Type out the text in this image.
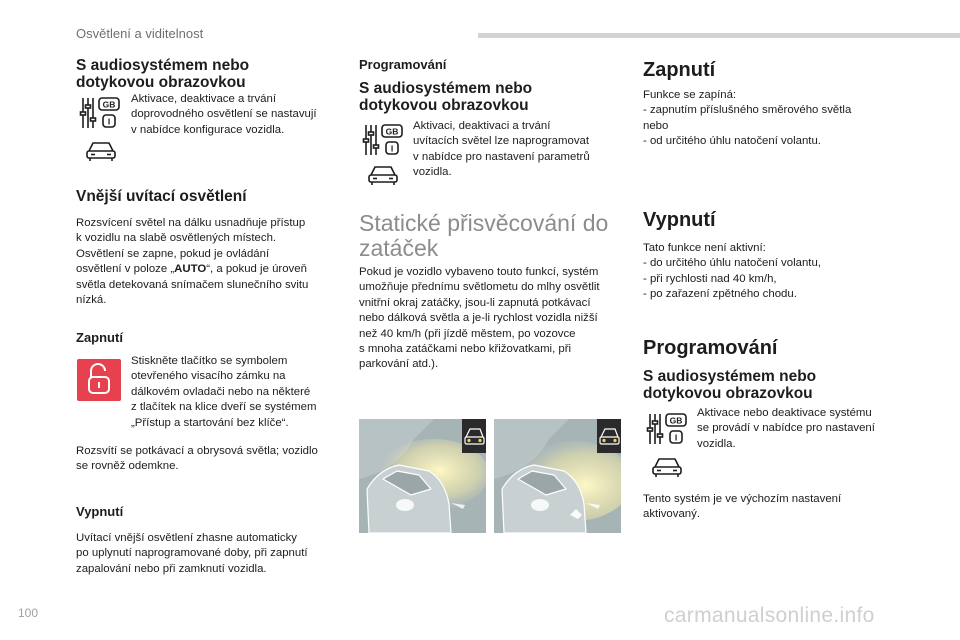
Osvětlení a viditelnost
S audiosystémem nebo
dotykovou obrazovkou
GB
I
Aktivace, deaktivace a trvání
doprovodného osvětlení se nastavují
v nabídce konfigurace vozidla.
Vnější uvítací osvětlení
Rozsvícení světel na dálku usnadňuje přístup
k vozidlu na slabě osvětlených místech.
Osvětlení se zapne, pokud je ovládání
osvětlení v poloze „AUTO“, a pokud je úroveň
světla detekovaná snímačem slunečního svitu
nízká.
Zapnutí
Stiskněte tlačítko se symbolem
otevřeného visacího zámku na
dálkovém ovladači nebo na některé
z tlačítek na klice dveří se systémem
„Přístup a startování bez klíče“.
Rozsvítí se potkávací a obrysová světla; vozidlo
se rovněž odemkne.
Vypnutí
Uvítací vnější osvětlení zhasne automaticky
po uplynutí naprogramované doby, při zapnutí
zapalování nebo při zamknutí vozidla.
Programování
S audiosystémem nebo
dotykovou obrazovkou
GB
I
Aktivaci, deaktivaci a trvání
uvítacích světel lze naprogramovat
v nabídce pro nastavení parametrů
vozidla.
Statické přisvěcování do
zatáček
Pokud je vozidlo vybaveno touto funkcí, systém
umožňuje přednímu světlometu do mlhy osvětlit
vnitřní okraj zatáčky, jsou-li zapnutá potkávací
nebo dálková světla a je-li rychlost vozidla nižší
než 40 km/h (při jízdě městem, po vozovce
s mnoha zatáčkami nebo křižovatkami, při
parkování atd.).
Zapnutí
Funkce se zapíná:
- zapnutím příslušného směrového světla
nebo
- od určitého úhlu natočení volantu.
Vypnutí
Tato funkce není aktivní:
- do určitého úhlu natočení volantu,
- při rychlosti nad 40 km/h,
- po zařazení zpětného chodu.
Programování
S audiosystémem nebo
dotykovou obrazovkou
GB
I
Aktivace nebo deaktivace systému
se provádí v nabídce pro nastavení
vozidla.
Tento systém je ve výchozím nastavení
aktivovaný.
100	carmanualsonline.info
